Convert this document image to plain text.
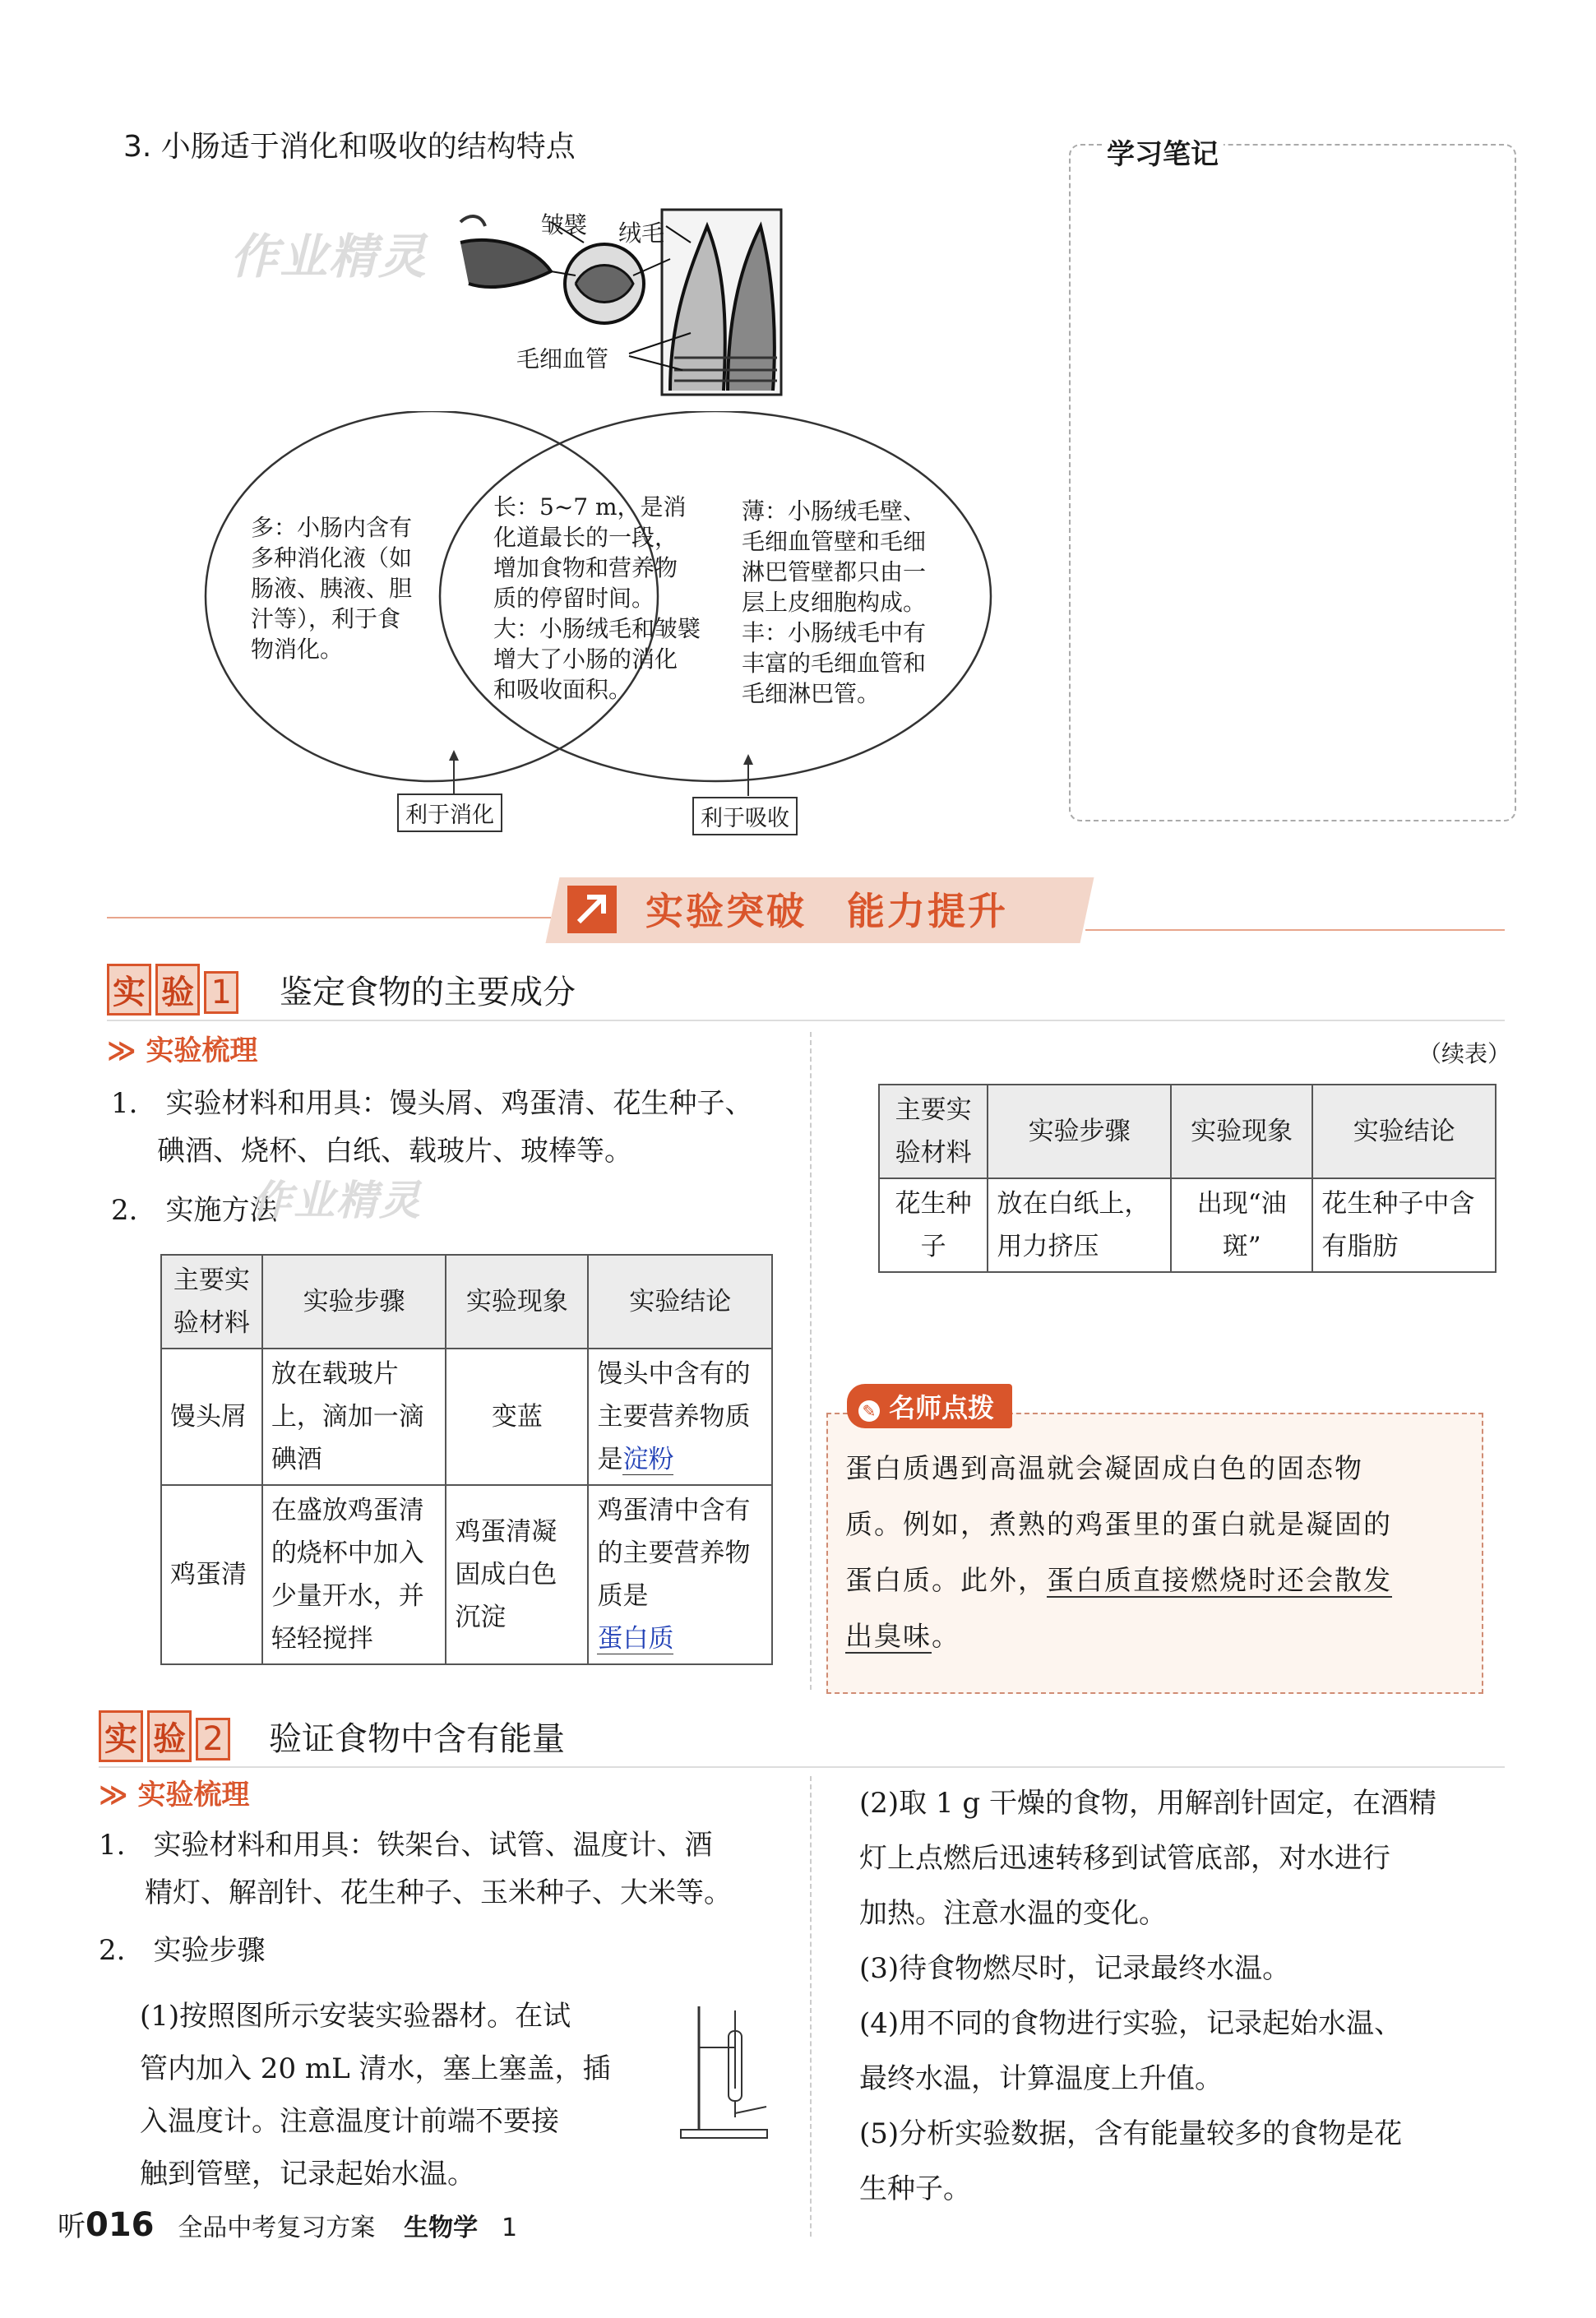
3. 小肠适于消化和吸收的结构特点
作业精灵
皱襞 绒毛
毛细血管
多：小肠内含有
多种消化液（如
肠液、胰液、胆
汁等），利于食
物消化。
长：5~7 m，是消
化道最长的一段，
增加食物和营养物
质的停留时间。
大：小肠绒毛和皱襞
增大了小肠的消化
和吸收面积。
薄：小肠绒毛壁、
毛细血管壁和毛细
淋巴管壁都只由一
层上皮细胞构成。
丰：小肠绒毛中有
丰富的毛细血管和
毛细淋巴管。
利于消化	利于吸收
学习笔记
实验突破　能力提升
实 验 1 鉴定食物的主要成分
≫ 实验梳理
1.　 实验材料和用具：馒头屑、鸡蛋清、花生种子、
碘酒、烧杯、白纸、载玻片、玻棒等。
2.　 实施方法
作业精灵
主要实验材料	实验步骤	实验现象	实验结论
馒头屑	放在载玻片上，滴加一滴碘酒	变蓝	馒头中含有的主要营养物质是淀粉
鸡蛋清	在盛放鸡蛋清的烧杯中加入少量开水，并轻轻搅拌	鸡蛋清凝固成白色沉淀	鸡蛋清中含有的主要营养物质是
蛋白质
（续表）
主要实验材料	实验步骤	实验现象	实验结论
花生种子	放在白纸上，用力挤压	出现“油斑”	花生种子中含有脂肪
✎ 名师点拨
蛋白质遇到高温就会凝固成白色的固态物
质。例如，煮熟的鸡蛋里的蛋白就是凝固的
蛋白质。此外，蛋白质直接燃烧时还会散发
出臭味。
实 验 2 验证食物中含有能量
≫ 实验梳理
1.　 实验材料和用具：铁架台、试管、温度计、酒
精灯、解剖针、花生种子、玉米种子、大米等。
2.　 实验步骤
(1)按照图所示安装实验器材。在试
管内加入 20 mL 清水，塞上塞盖，插
入温度计。注意温度计前端不要接
触到管壁，记录起始水温。
(2)取 1 g 干燥的食物，用解剖针固定，在酒精
灯上点燃后迅速转移到试管底部，对水进行
加热。注意水温的变化。
(3)待食物燃尽时，记录最终水温。
(4)用不同的食物进行实验，记录起始水温、
最终水温，计算温度上升值。
(5)分析实验数据，含有能量较多的食物是花
生种子。
听016 全品中考复习方案 生物学 1
